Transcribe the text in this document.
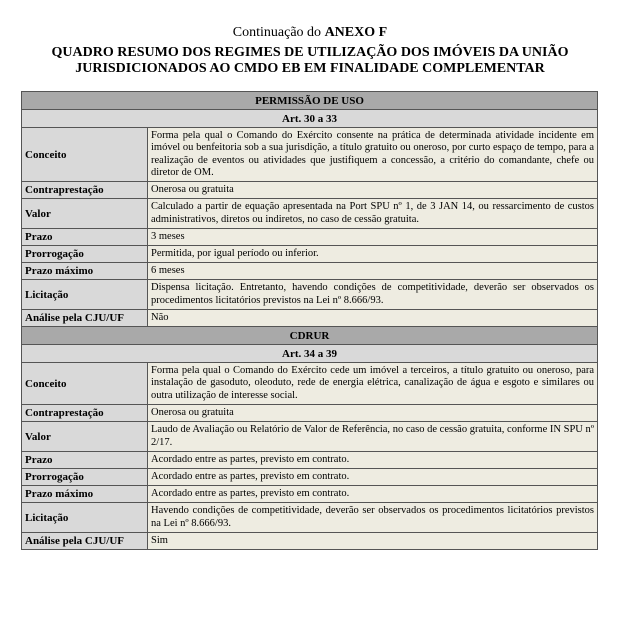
Continuação do ANEXO F
QUADRO RESUMO DOS REGIMES DE UTILIZAÇÃO DOS IMÓVEIS DA UNIÃO
JURISDICIONADOS AO CMDO EB EM FINALIDADE COMPLEMENTAR
PERMISSÃO DE USO	
Art. 30 a 33	
Conceito	Forma pela qual o Comando do Exército consente na prática de determinada atividade incidente em imóvel ou benfeitoria sob a sua jurisdição, a título gratuito ou oneroso, por curto espaço de tempo, para a realização de eventos ou atividades que justifiquem a concessão, a critério do comandante, chefe ou diretor de OM.
Contraprestação	Onerosa ou gratuita
Valor	Calculado a partir de equação apresentada na Port SPU nº 1, de 3 JAN 14, ou ressarcimento de custos administrativos, diretos ou indiretos, no caso de cessão gratuita.
Prazo	3 meses
Prorrogação	Permitida, por igual período ou inferior.
Prazo máximo	6 meses
Licitação	Dispensa licitação. Entretanto, havendo condições de competitividade, deverão ser observados os procedimentos licitatórios previstos na Lei nº 8.666/93.
Análise pela CJU/UF	Não
CDRUR	
Art. 34 a 39	
Conceito	Forma pela qual o Comando do Exército cede um imóvel a terceiros, a título gratuito ou oneroso, para instalação de gasoduto, oleoduto, rede de energia elétrica, canalização de água e esgoto e similares ou outra utilização de interesse social.
Contraprestação	Onerosa ou gratuita
Valor	Laudo de Avaliação ou Relatório de Valor de Referência, no caso de cessão gratuita, conforme IN SPU nº 2/17.
Prazo	Acordado entre as partes, previsto em contrato.
Prorrogação	Acordado entre as partes, previsto em contrato.
Prazo máximo	Acordado entre as partes, previsto em contrato.
Licitação	Havendo condições de competitividade, deverão ser observados os procedimentos licitatórios previstos na Lei nº 8.666/93.
Análise pela CJU/UF	Sim
